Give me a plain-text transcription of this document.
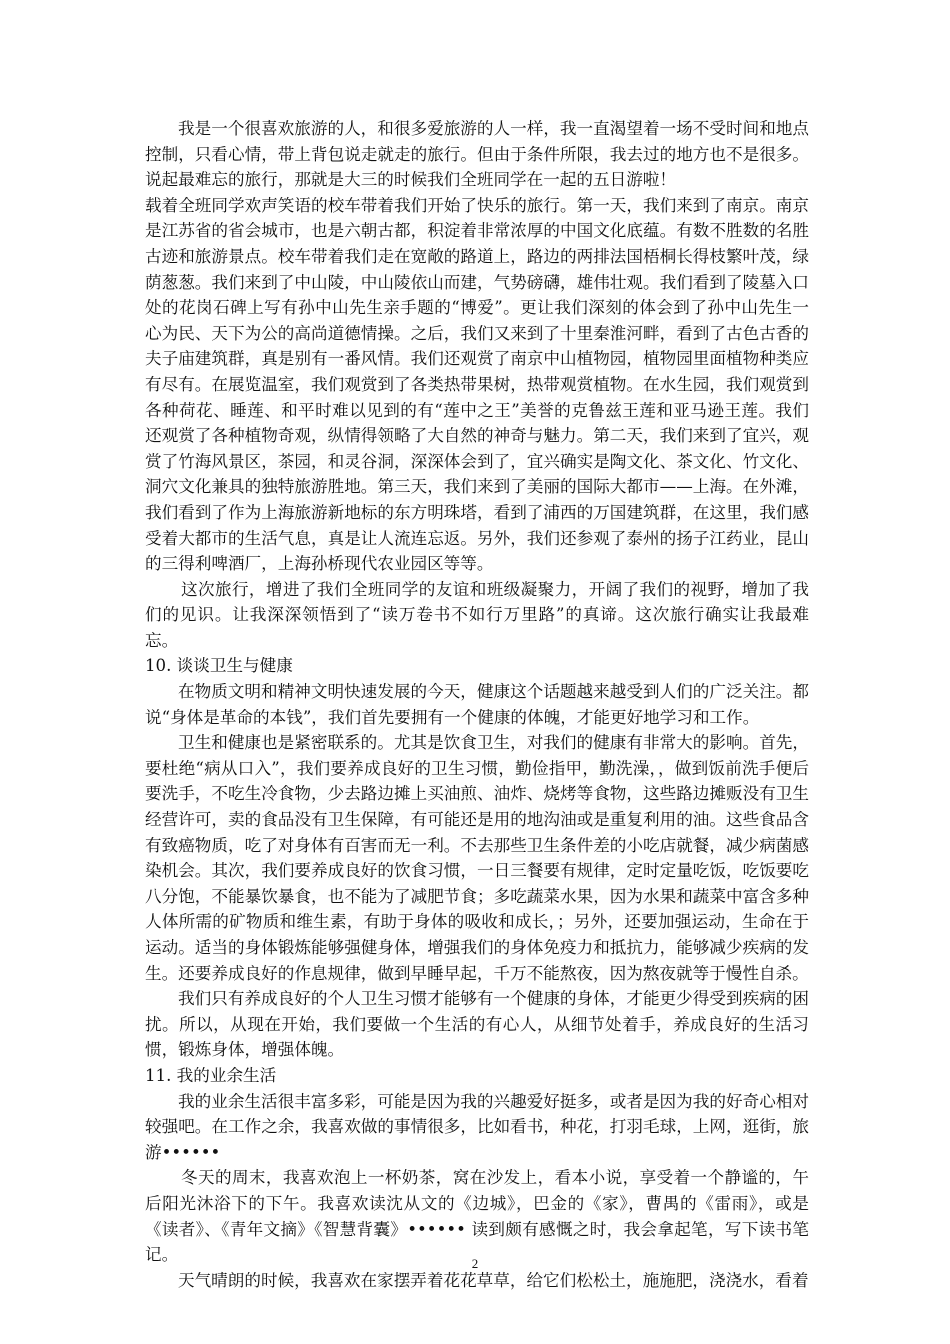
我是一个很喜欢旅游的人，和很多爱旅游的人一样，我一直渴望着一场不受时间和地点控制，只看心情，带上背包说走就走的旅行。但由于条件所限，我去过的地方也不是很多。说起最难忘的旅行，那就是大三的时候我们全班同学在一起的五日游啦！

载着全班同学欢声笑语的校车带着我们开始了快乐的旅行。第一天，我们来到了南京。南京是江苏省的省会城市，也是六朝古都，积淀着非常浓厚的中国文化底蕴。有数不胜数的名胜古迹和旅游景点。校车带着我们走在宽敞的路道上，路边的两排法国梧桐长得枝繁叶茂，绿荫葱葱。我们来到了中山陵，中山陵依山而建，气势磅礴，雄伟壮观。我们看到了陵墓入口处的花岗石碑上写有孙中山先生亲手题的“博爱”。更让我们深刻的体会到了孙中山先生一心为民、天下为公的高尚道德情操。之后，我们又来到了十里秦淮河畔，看到了古色古香的夫子庙建筑群，真是别有一番风情。我们还观赏了南京中山植物园，植物园里面植物种类应有尽有。在展览温室，我们观赏到了各类热带果树，热带观赏植物。在水生园，我们观赏到各种荷花、睡莲、和平时难以见到的有“莲中之王”美誉的克鲁兹王莲和亚马逊王莲。我们还观赏了各种植物奇观，纵情得领略了大自然的神奇与魅力。第二天，我们来到了宜兴，观赏了竹海风景区，茶园，和灵谷洞，深深体会到了，宜兴确实是陶文化、茶文化、竹文化、洞穴文化兼具的独特旅游胜地。第三天，我们来到了美丽的国际大都市——上海。在外滩，我们看到了作为上海旅游新地标的东方明珠塔，看到了浦西的万国建筑群，在这里，我们感受着大都市的生活气息，真是让人流连忘返。另外，我们还参观了泰州的扬子江药业，昆山的三得利啤酒厂，上海孙桥现代农业园区等等。

这次旅行，增进了我们全班同学的友谊和班级凝聚力，开阔了我们的视野，增加了我们的见识。让我深深领悟到了“读万卷书不如行万里路”的真谛。这次旅行确实让我最难忘。

10. 谈谈卫生与健康

在物质文明和精神文明快速发展的今天，健康这个话题越来越受到人们的广泛关注。都说“身体是革命的本钱”，我们首先要拥有一个健康的体魄，才能更好地学习和工作。

卫生和健康也是紧密联系的。尤其是饮食卫生，对我们的健康有非常大的影响。首先，要杜绝“病从口入”，我们要养成良好的卫生习惯，勤俭指甲，勤洗澡，，做到饭前洗手便后要洗手，不吃生冷食物，少去路边摊上买油煎、油炸、烧烤等食物，这些路边摊贩没有卫生经营许可，卖的食品没有卫生保障，有可能还是用的地沟油或是重复利用的油。这些食品含有致癌物质，吃了对身体有百害而无一利。不去那些卫生条件差的小吃店就餐，减少病菌感染机会。其次，我们要养成良好的饮食习惯，一日三餐要有规律，定时定量吃饭，吃饭要吃八分饱，不能暴饮暴食，也不能为了减肥节食；多吃蔬菜水果，因为水果和蔬菜中富含多种人体所需的矿物质和维生素，有助于身体的吸收和成长，；另外，还要加强运动，生命在于运动。适当的身体锻炼能够强健身体，增强我们的身体免疫力和抵抗力，能够减少疾病的发生。还要养成良好的作息规律，做到早睡早起，千万不能熬夜，因为熬夜就等于慢性自杀。

我们只有养成良好的个人卫生习惯才能够有一个健康的身体，才能更少得受到疾病的困扰。所以，从现在开始，我们要做一个生活的有心人，从细节处着手，养成良好的生活习惯，锻炼身体，增强体魄。

11. 我的业余生活

我的业余生活很丰富多彩，可能是因为我的兴趣爱好挺多，或者是因为我的好奇心相对较强吧。在工作之余，我喜欢做的事情很多，比如看书，种花，打羽毛球，上网，逛街，旅游••••••

冬天的周末，我喜欢泡上一杯奶茶，窝在沙发上，看本小说，享受着一个静谧的，午后阳光沐浴下的下午。我喜欢读沈从文的《边城》，巴金的《家》，曹禺的《雷雨》，或是《读者》、《青年文摘》《智慧背囊》•••••• 读到颇有感慨之时，我会拿起笔，写下读书笔记。

天气晴朗的时候，我喜欢在家摆弄着花花草草，给它们松松土，施施肥，浇浇水，看着

2
